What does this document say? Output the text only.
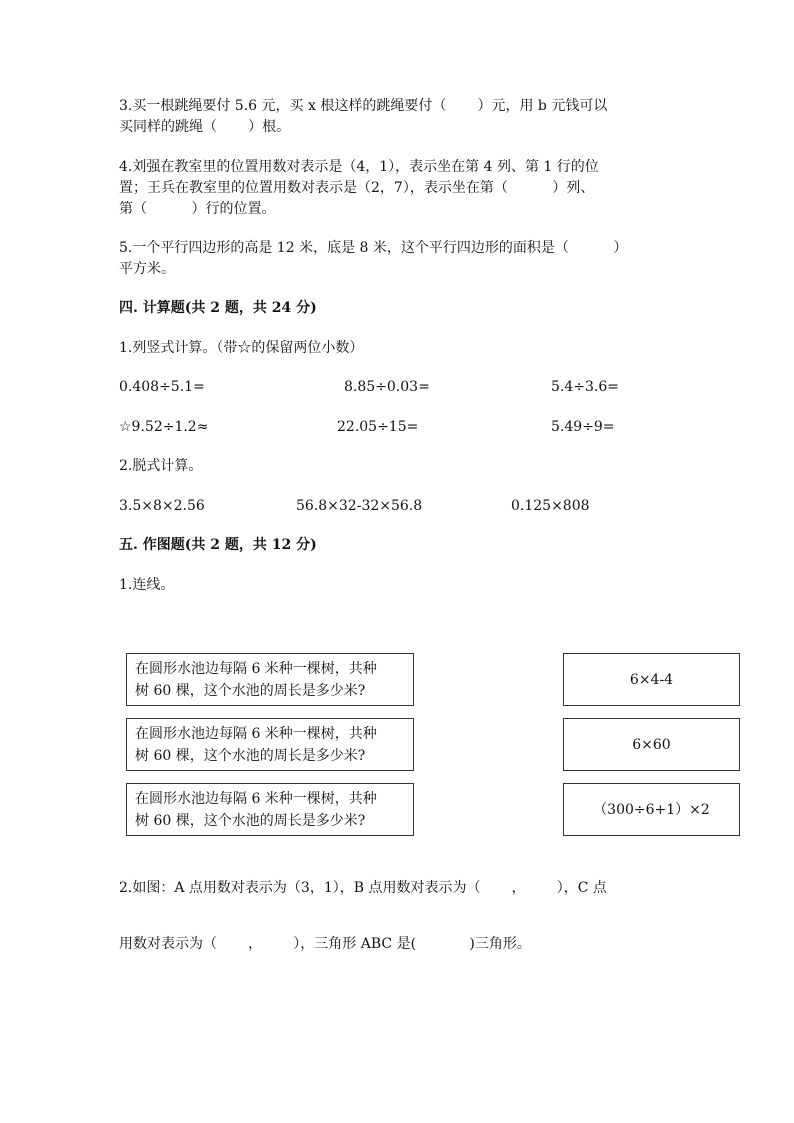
3.买一根跳绳要付 5.6 元，买 x 根这样的跳绳要付（       ）元，用 b 元钱可以
买同样的跳绳（       ）根。
4.刘强在教室里的位置用数对表示是（4，1），表示坐在第 4 列、第 1 行的位
置；王兵在教室里的位置用数对表示是（2，7），表示坐在第（          ）列、
第（          ）行的位置。
5.一个平行四边形的高是 12 米，底是 8 米，这个平行四边形的面积是（          ）
平方米。
四. 计算题(共 2 题，共 24 分)
1.列竖式计算。（带☆的保留两位小数）
0.408÷5.1=	8.85÷0.03=	5.4÷3.6=
☆9.52÷1.2≈	22.05÷15=	5.49÷9=
2.脱式计算。
3.5×8×2.56	56.8×32-32×56.8	0.125×808
五. 作图题(共 2 题，共 12 分)
1.连线。
在圆形水池边每隔 6 米种一棵树，共种
树 60 棵，这个水池的周长是多少米?
在圆形水池边每隔 6 米种一棵树，共种
树 60 棵，这个水池的周长是多少米?
在圆形水池边每隔 6 米种一棵树，共种
树 60 棵，这个水池的周长是多少米?
6×4-4
6×60
（300÷6+1）×2
2.如图：A 点用数对表示为（3，1），B 点用数对表示为（       ，       ），C 点
用数对表示为（       ，       ），三角形 ABC 是(            )三角形。
